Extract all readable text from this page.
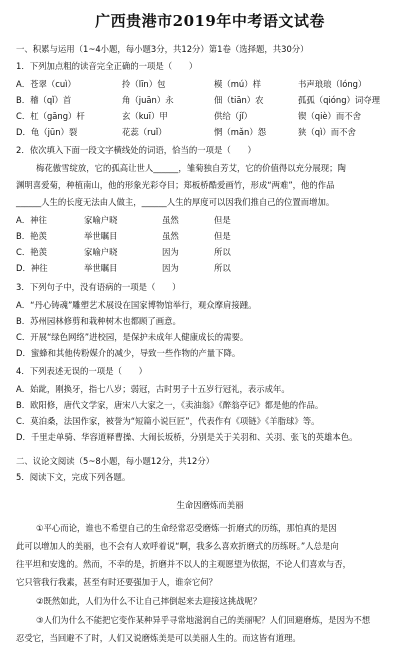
广西贵港市2019年中考语文试卷
一、积累与运用（1~4小题，每小题3分，共12分）第1卷（选择题，共30分）
1．下列加点粗的读音完全正确的一项是（　　）
A．苍翠（cuì）	拎（līn）包	模（mú）样	书声琅琅（lóng）
B．稽（qǐ）首	角（juān）永	佃（tiān）农	孤孤（qióng）词夺理
C．杠（gāng）杆	玄（kuī）甲	供给（jǐ）	锲（qiè）而不舍
D．龟（jūn）裂	花蕊（ruǐ）	惘（mǎn）怨	狭（qì）而不舍
2．依次填入下面一段文字横线处的词语，恰当的一项是（　　）
梅花傲雪绽放，它的孤高让世人______，雏菊独自芳艾，它的价值得以充分展现；陶
渊明喜爱菊，种植南山，他的形象光彩夺目；郑板桥酷爱画竹，形成“两难”，他的作品
______人生的长度无法由人做主，______人生的厚度可以因我们推自己的位置而增加。
A．神往	家喻户晓	虽然	但是
B．艳羡	举世瞩目	虽然	但是
C．艳羡	家喻户晓	因为	所以
D．神往	举世瞩目	因为	所以
3．下列句子中，没有语病的一项是（　　）
A．“丹心铸魂”雕塑艺术展设在国家博物馆举行，观众摩肩接踵。
B．苏州园林修剪和栽种树木也都顾了画意。
C．开展“绿色网络”进校园，是保护未成年人健康成长的需要。
D．蜜蜂和其他传粉媒介的减少，导致一些作物的产量下降。
4．下列表述无误的一项是（　　）
A．始龀，刚换牙，指七八岁；弱冠，古时男子十五岁行冠礼，表示成年。
B．欧阳修，唐代文学家，唐宋八大家之一，《卖油翁》《醉翁亭记》都是他的作品。
C．莫泊桑，法国作家，被誉为“短篇小说巨匠”，代表作有《项链》《羊脂球》等。
D．千里走单骑、华容道释曹操、大闹长坂桥，分别是关于关羽和、关羽、张飞的英雄本色。
二、议论文阅读（5~8小题，每小题12分，共12分）
5．阅读下文，完成下列各题。
生命因磨炼而美丽
①平心而论，谁也不希望自己的生命经常忍受磨炼一折磨式的历练，那怕真的是因
此可以增加人的美丽，也不会有人欢呼着说“啊，我多么喜欢折磨式的历练呀。”人总是向
往平坦和安逸的。然而，不幸的是，折磨并不以人的主观愿望为依据，不论人们喜欢与否，
它只管我行我素，甚至有时还要强加于人，谁奈它何？
②既然如此，人们为什么不让自己摔倒起来去迎接这挑战呢？
③人们为什么不能把它变作某种异乎寻常地滋润自己的美丽呢？人们回避磨炼，是因为不想
忍受它，当回避不了时，人们又说磨炼美是可以美丽人生的。而这皆有道理。
